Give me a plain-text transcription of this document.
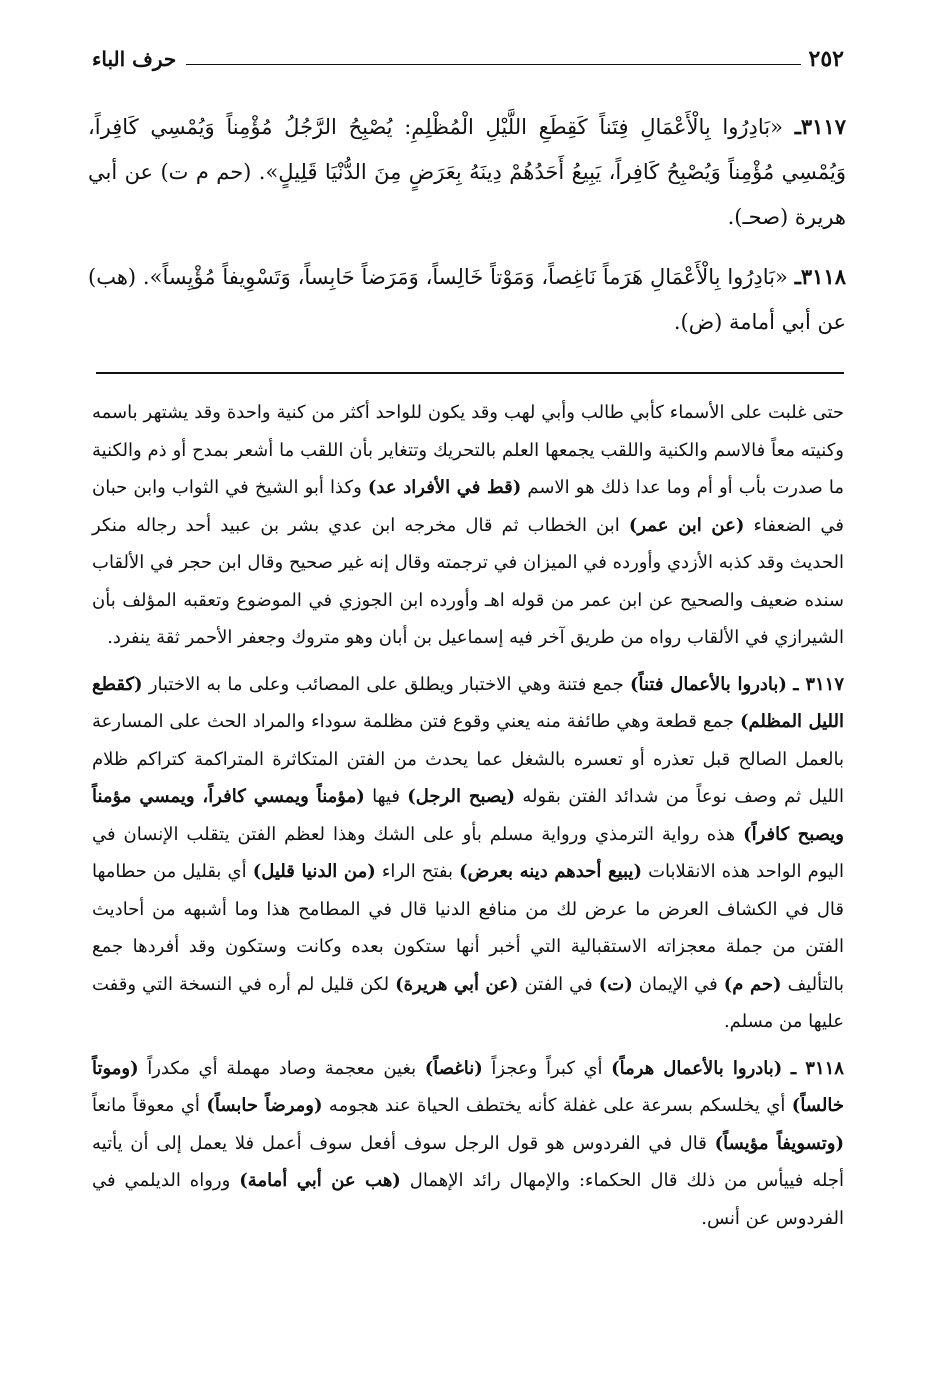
٢٥٢
حرف الباء

٣١١٧ـ «بَادِرُوا بِالْأَعْمَالِ فِتَناً كَقِطَعِ اللَّيْلِ الْمُظْلِمِ: يُصْبِحُ الرَّجُلُ مُؤْمِناً وَيُمْسِي كَافِراً، وَيُمْسِي مُؤْمِناً وَيُصْبِحُ كَافِراً، يَبِيعُ أَحَدُهُمْ دِينَهُ بِعَرَضٍ مِنَ الدُّنْيَا قَلِيلٍ». (حم م ت) عن أبي هريرة (صحـ).

٣١١٨ـ «بَادِرُوا بِالْأَعْمَالِ هَرَماً نَاغِصاً، وَمَوْتاً خَالِساً، وَمَرَضاً حَابِساً، وَتَسْوِيفاً مُؤْيِساً». (هب) عن أبي أمامة (ض).

حتى غلبت على الأسماء كأبي طالب وأبي لهب وقد يكون للواحد أكثر من كنية واحدة وقد يشتهر باسمه وكنيته معاً فالاسم والكنية واللقب يجمعها العلم بالتحريك وتتغاير بأن اللقب ما أشعر بمدح أو ذم والكنية ما صدرت بأب أو أم وما عدا ذلك هو الاسم (قط في الأفراد عد) وكذا أبو الشيخ في الثواب وابن حبان في الضعفاء (عن ابن عمر) ابن الخطاب ثم قال مخرجه ابن عدي بشر بن عبيد أحد رجاله منكر الحديث وقد كذبه الأزدي وأورده في الميزان في ترجمته وقال إنه غير صحيح وقال ابن حجر في الألقاب سنده ضعيف والصحيح عن ابن عمر من قوله اهـ وأورده ابن الجوزي في الموضوع وتعقبه المؤلف بأن الشيرازي في الألقاب رواه من طريق آخر فيه إسماعيل بن أبان وهو متروك وجعفر الأحمر ثقة ينفرد.

٣١١٧ ـ (بادروا بالأعمال فتناً) جمع فتنة وهي الاختبار ويطلق على المصائب وعلى ما به الاختبار (كقطع الليل المظلم) جمع قطعة وهي طائفة منه يعني وقوع فتن مظلمة سوداء والمراد الحث على المسارعة بالعمل الصالح قبل تعذره أو تعسره بالشغل عما يحدث من الفتن المتكاثرة المتراكمة كتراكم ظلام الليل ثم وصف نوعاً من شدائد الفتن بقوله (يصبح الرجل) فيها (مؤمناً ويمسي كافراً، ويمسي مؤمناً ويصبح كافراً) هذه رواية الترمذي ورواية مسلم بأو على الشك وهذا لعظم الفتن يتقلب الإنسان في اليوم الواحد هذه الانقلابات (يبيع أحدهم دينه بعرض) بفتح الراء (من الدنيا قليل) أي بقليل من حطامها قال في الكشاف العرض ما عرض لك من منافع الدنيا قال في المطامح هذا وما أشبهه من أحاديث الفتن من جملة معجزاته الاستقبالية التي أخبر أنها ستكون بعده وكانت وستكون وقد أفردها جمع بالتأليف (حم م) في الإيمان (ت) في الفتن (عن أبي هريرة) لكن قليل لم أره في النسخة التي وقفت عليها من مسلم.

٣١١٨ ـ (بادروا بالأعمال هرماً) أي كبراً وعجزاً (ناغصاً) بغين معجمة وصاد مهملة أي مكدراً (وموتاً خالساً) أي يخلسكم بسرعة على غفلة كأنه يختطف الحياة عند هجومه (ومرضاً حابساً) أي معوقاً مانعاً (وتسويفاً مؤيساً) قال في الفردوس هو قول الرجل سوف أفعل سوف أعمل فلا يعمل إلى أن يأتيه أجله فييأس من ذلك قال الحكماء: والإمهال رائد الإهمال (هب عن أبي أمامة) ورواه الديلمي في الفردوس عن أنس.
